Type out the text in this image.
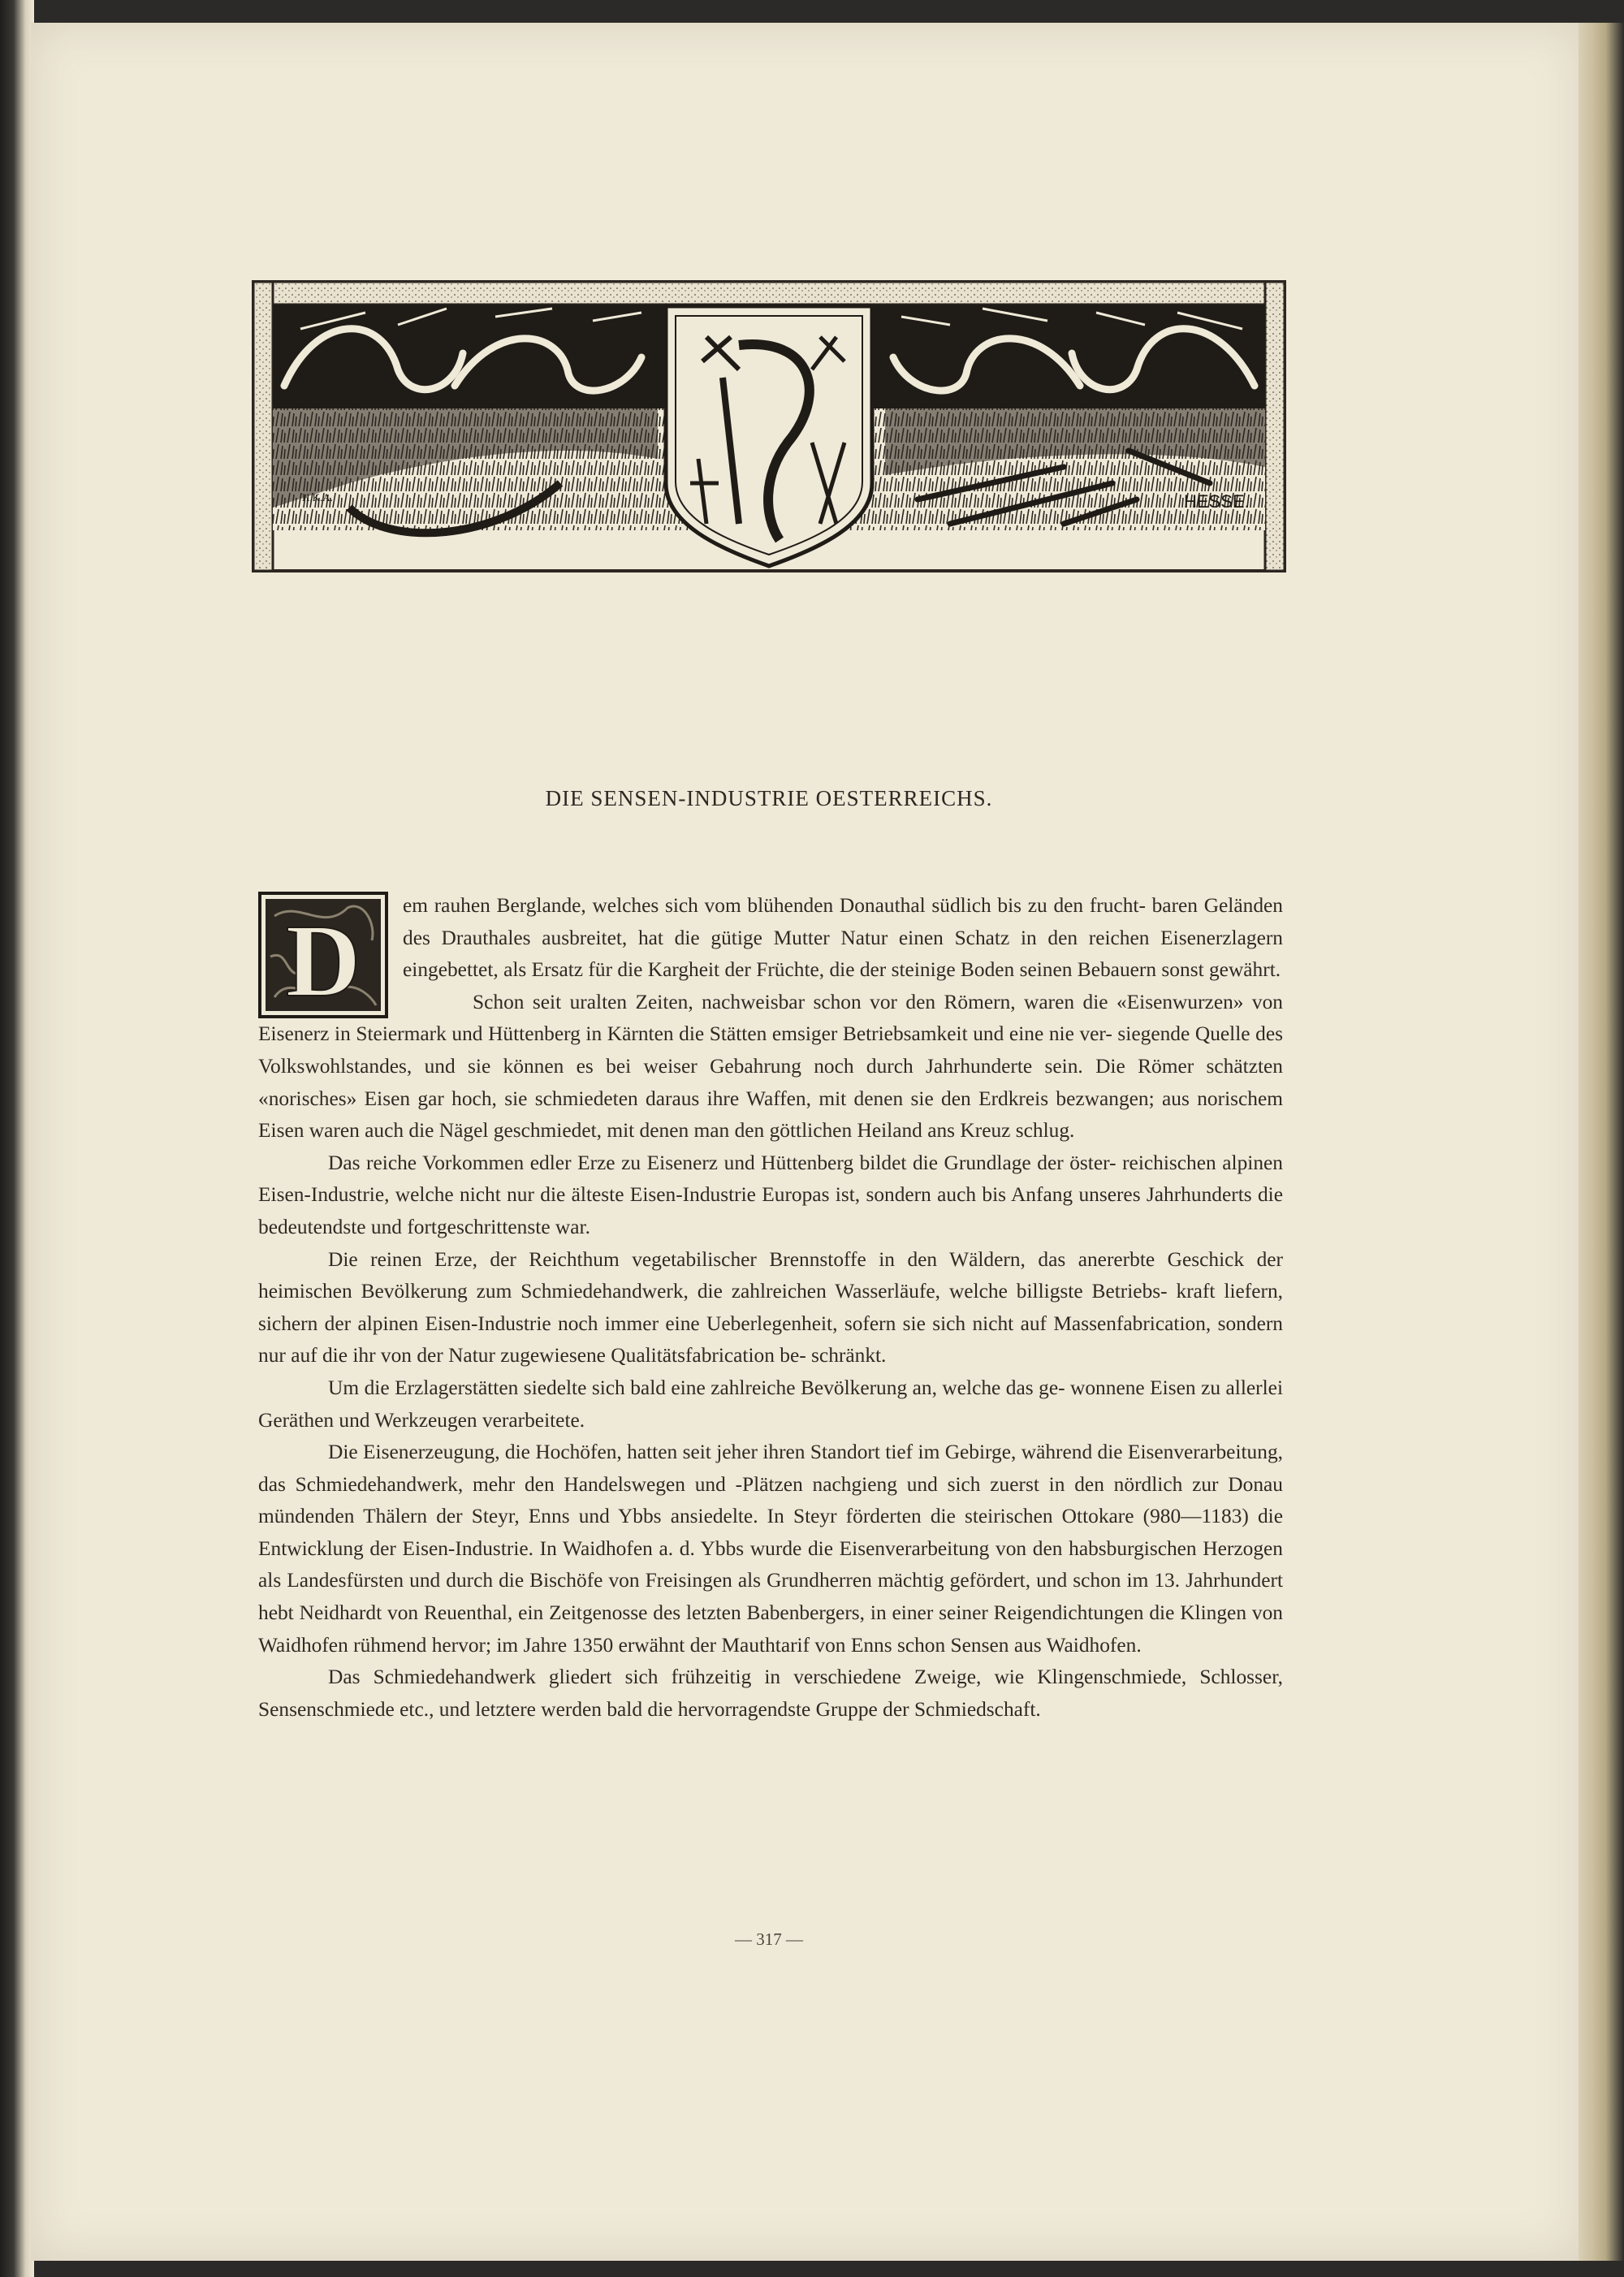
H.K.A.	HESSE.
DIE SENSEN-INDUSTRIE OESTERREICHS.

D em rauhen Berglande, welches sich vom blühenden Donauthal südlich bis zu den frucht- baren Geländen des Drauthales ausbreitet, hat die gütige Mutter Natur einen Schatz in den reichen Eisenerzlagern eingebettet, als Ersatz für die Kargheit der Früchte, die der steinige Boden seinen Bebauern sonst gewährt.

Schon seit uralten Zeiten, nachweisbar schon vor den Römern, waren die «Eisenwurzen» von Eisenerz in Steiermark und Hüttenberg in Kärnten die Stätten emsiger Betriebsamkeit und eine nie ver- siegende Quelle des Volkswohlstandes, und sie können es bei weiser Gebahrung noch durch Jahrhunderte sein. Die Römer schätzten «norisches» Eisen gar hoch, sie schmiedeten daraus ihre Waffen, mit denen sie den Erdkreis bezwangen; aus norischem Eisen waren auch die Nägel geschmiedet, mit denen man den göttlichen Heiland ans Kreuz schlug.

Das reiche Vorkommen edler Erze zu Eisenerz und Hüttenberg bildet die Grundlage der öster- reichischen alpinen Eisen-Industrie, welche nicht nur die älteste Eisen-Industrie Europas ist, sondern auch bis Anfang unseres Jahrhunderts die bedeutendste und fortgeschrittenste war.

Die reinen Erze, der Reichthum vegetabilischer Brennstoffe in den Wäldern, das anererbte Geschick der heimischen Bevölkerung zum Schmiedehandwerk, die zahlreichen Wasserläufe, welche billigste Betriebs- kraft liefern, sichern der alpinen Eisen-Industrie noch immer eine Ueberlegenheit, sofern sie sich nicht auf Massenfabrication, sondern nur auf die ihr von der Natur zugewiesene Qualitätsfabrication be- schränkt.

Um die Erzlagerstätten siedelte sich bald eine zahlreiche Bevölkerung an, welche das ge- wonnene Eisen zu allerlei Geräthen und Werkzeugen verarbeitete.

Die Eisenerzeugung, die Hochöfen, hatten seit jeher ihren Standort tief im Gebirge, während die Eisenverarbeitung, das Schmiedehandwerk, mehr den Handelswegen und -Plätzen nachgieng und sich zuerst in den nördlich zur Donau mündenden Thälern der Steyr, Enns und Ybbs ansiedelte. In Steyr förderten die steirischen Ottokare (980—1183) die Entwicklung der Eisen-Industrie. In Waidhofen a. d. Ybbs wurde die Eisenverarbeitung von den habsburgischen Herzogen als Landesfürsten und durch die Bischöfe von Freisingen als Grundherren mächtig gefördert, und schon im 13. Jahrhundert hebt Neidhardt von Reuenthal, ein Zeitgenosse des letzten Babenbergers, in einer seiner Reigendichtungen die Klingen von Waidhofen rühmend hervor; im Jahre 1350 erwähnt der Mauthtarif von Enns schon Sensen aus Waidhofen.

Das Schmiedehandwerk gliedert sich frühzeitig in verschiedene Zweige, wie Klingenschmiede, Schlosser, Sensenschmiede etc., und letztere werden bald die hervorragendste Gruppe der Schmiedschaft.

— 317 —
